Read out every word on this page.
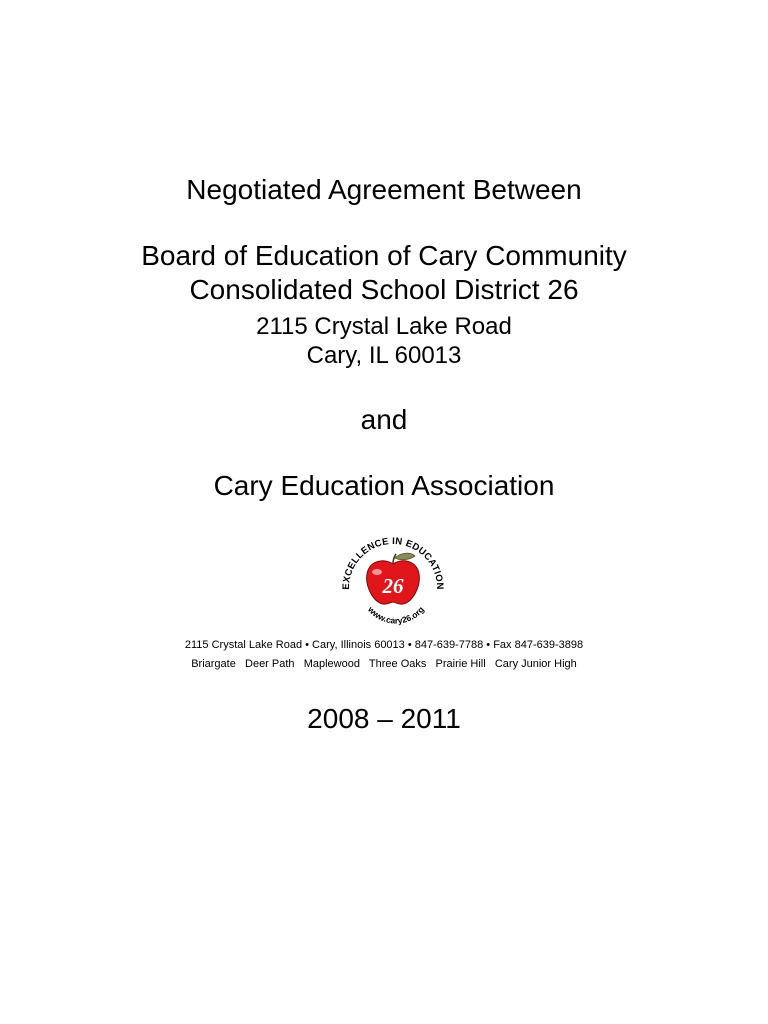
Negotiated Agreement Between
Board of Education of Cary Community
Consolidated School District 26
2115 Crystal Lake Road
Cary, IL 60013
and
Cary Education Association
EXCELLENCE IN EDUCATION
26
www.cary26.org
2115 Crystal Lake Road • Cary, Illinois 60013 • 847-639-7788 • Fax 847-639-3898
Briargate   Deer Path   Maplewood   Three Oaks   Prairie Hill   Cary Junior High
2008 – 2011
